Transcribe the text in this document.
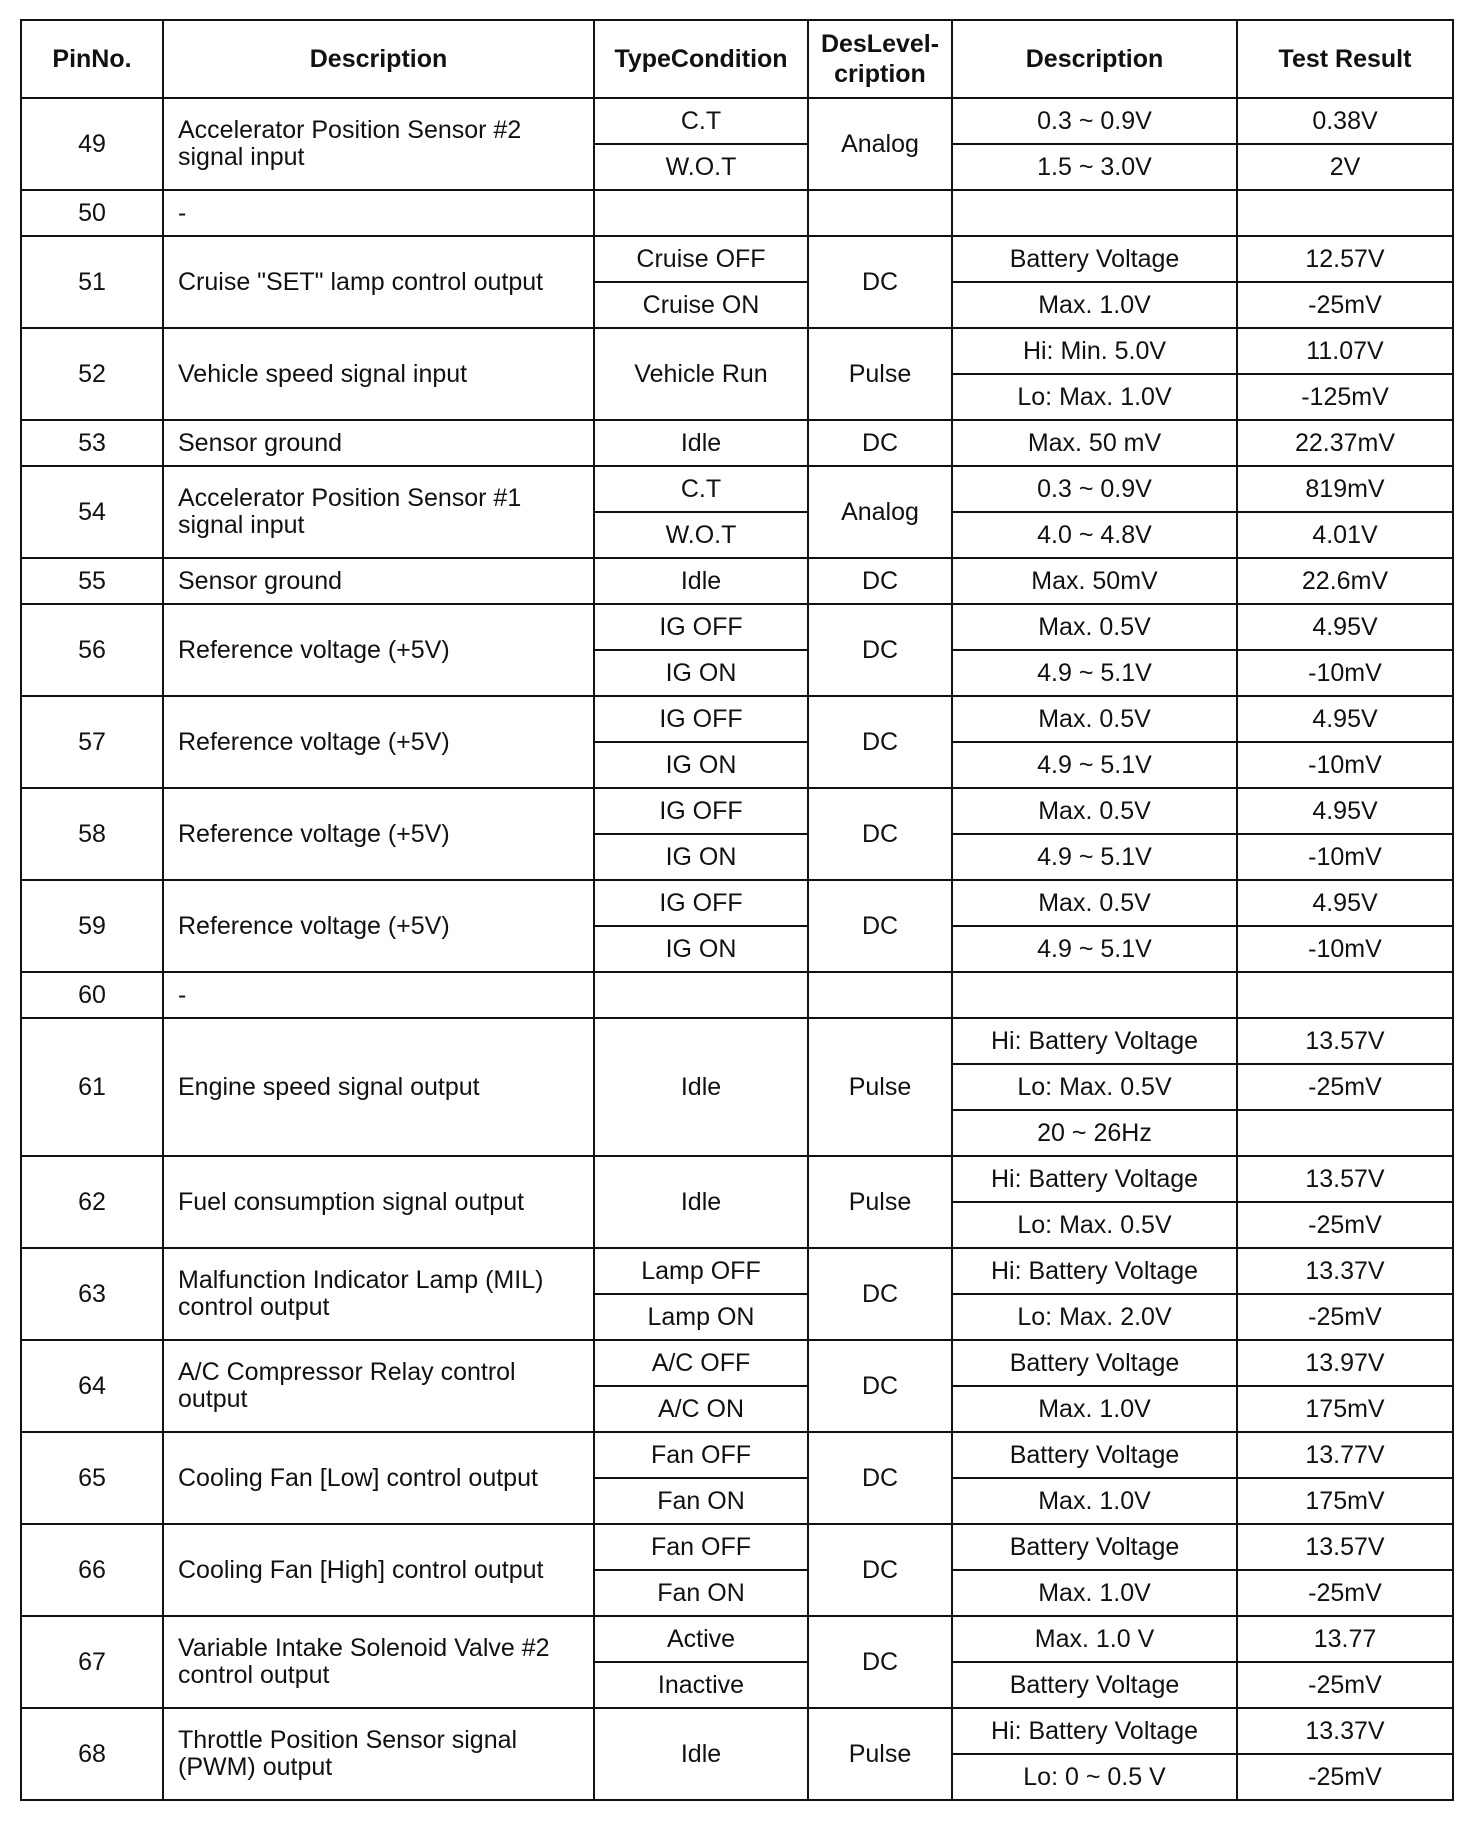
PinNo.	Description	TypeCondition	DesLevel-cription	Description	Test Result
49	Accelerator Position Sensor #2 signal input	C.T	Analog	0.3 ~ 0.9V	0.38V
		W.O.T		1.5 ~ 3.0V	2V
50	-				
51	Cruise "SET" lamp control output	Cruise OFF	DC	Battery Voltage	12.57V
		Cruise ON		Max. 1.0V	-25mV
52	Vehicle speed signal input	Vehicle Run	Pulse	Hi: Min. 5.0V	11.07V
				Lo: Max. 1.0V	-125mV
53	Sensor ground	Idle	DC	Max. 50 mV	22.37mV
54	Accelerator Position Sensor #1 signal input	C.T	Analog	0.3 ~ 0.9V	819mV
		W.O.T		4.0 ~ 4.8V	4.01V
55	Sensor ground	Idle	DC	Max. 50mV	22.6mV
56	Reference voltage (+5V)	IG OFF	DC	Max. 0.5V	4.95V
		IG ON		4.9 ~ 5.1V	-10mV
57	Reference voltage (+5V)	IG OFF	DC	Max. 0.5V	4.95V
		IG ON		4.9 ~ 5.1V	-10mV
58	Reference voltage (+5V)	IG OFF	DC	Max. 0.5V	4.95V
		IG ON		4.9 ~ 5.1V	-10mV
59	Reference voltage (+5V)	IG OFF	DC	Max. 0.5V	4.95V
		IG ON		4.9 ~ 5.1V	-10mV
60	-				
61	Engine speed signal output	Idle	Pulse	Hi: Battery Voltage	13.57V
				Lo: Max. 0.5V	-25mV
				20 ~ 26Hz	
62	Fuel consumption signal output	Idle	Pulse	Hi: Battery Voltage	13.57V
				Lo: Max. 0.5V	-25mV
63	Malfunction Indicator Lamp (MIL) control output	Lamp OFF	DC	Hi: Battery Voltage	13.37V
		Lamp ON		Lo: Max. 2.0V	-25mV
64	A/C Compressor Relay control output	A/C OFF	DC	Battery Voltage	13.97V
		A/C ON		Max. 1.0V	175mV
65	Cooling Fan [Low] control output	Fan OFF	DC	Battery Voltage	13.77V
		Fan ON		Max. 1.0V	175mV
66	Cooling Fan [High] control output	Fan OFF	DC	Battery Voltage	13.57V
		Fan ON		Max. 1.0V	-25mV
67	Variable Intake Solenoid Valve #2 control output	Active	DC	Max. 1.0 V	13.77
		Inactive		Battery Voltage	-25mV
68	Throttle Position Sensor signal (PWM) output	Idle	Pulse	Hi: Battery Voltage	13.37V
				Lo: 0 ~ 0.5 V	-25mV
